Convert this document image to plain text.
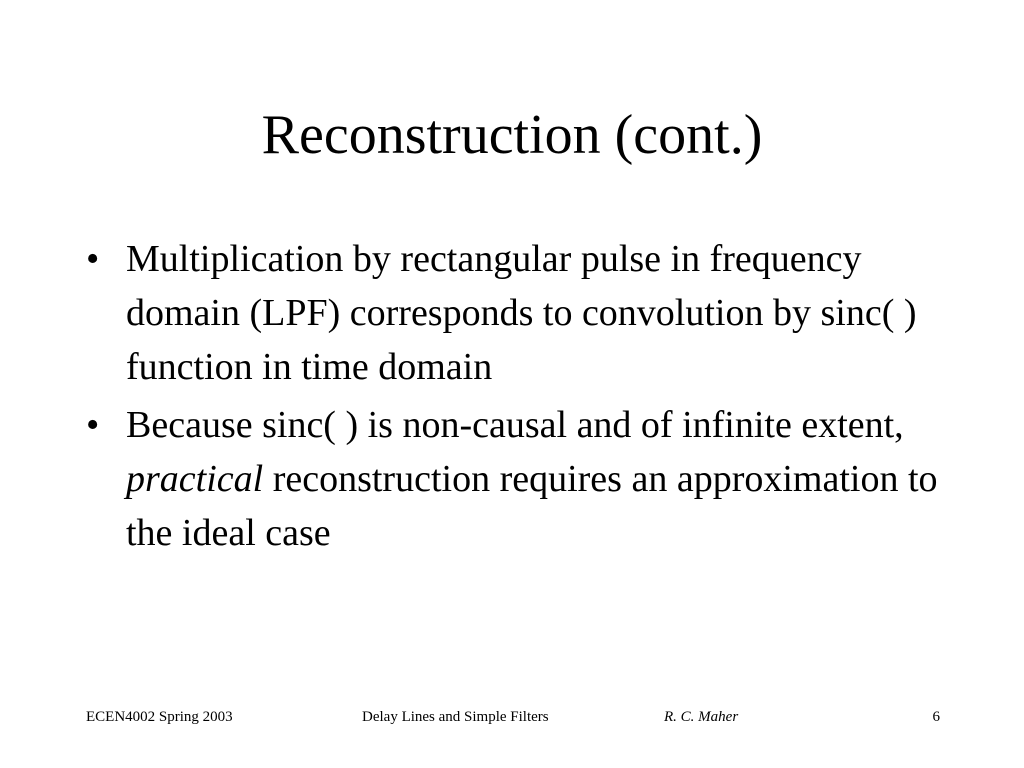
Reconstruction (cont.)
• Multiplication by rectangular pulse in frequency domain (LPF) corresponds to convolution by sinc( ) function in time domain
• Because sinc( ) is non-causal and of infinite extent, practical reconstruction requires an approximation to the ideal case
ECEN4002 Spring 2003	Delay Lines and Simple Filters	R. C. Maher	6
